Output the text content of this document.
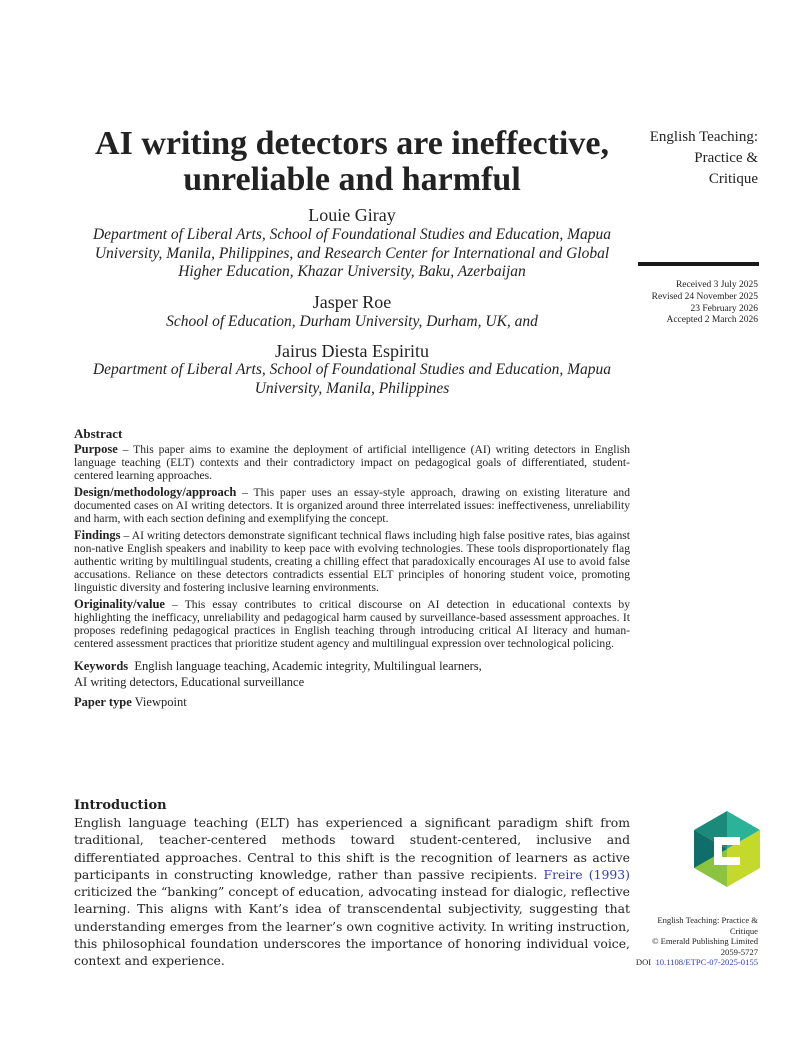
AI writing detectors are ineffective, unreliable and harmful
Louie Giray
Department of Liberal Arts, School of Foundational Studies and Education, Mapua University, Manila, Philippines, and Research Center for International and Global Higher Education, Khazar University, Baku, Azerbaijan
Jasper Roe
School of Education, Durham University, Durham, UK, and
Jairus Diesta Espiritu
Department of Liberal Arts, School of Foundational Studies and Education, Mapua University, Manila, Philippines
English Teaching:
Practice &
Critique
Received 3 July 2025
Revised 24 November 2025
23 February 2026
Accepted 2 March 2026
Abstract
Purpose – This paper aims to examine the deployment of artificial intelligence (AI) writing detectors in English language teaching (ELT) contexts and their contradictory impact on pedagogical goals of differentiated, student-centered learning approaches.
Design/methodology/approach – This paper uses an essay-style approach, drawing on existing literature and documented cases on AI writing detectors. It is organized around three interrelated issues: ineffectiveness, unreliability and harm, with each section defining and exemplifying the concept.
Findings – AI writing detectors demonstrate significant technical flaws including high false positive rates, bias against non-native English speakers and inability to keep pace with evolving technologies. These tools disproportionately flag authentic writing by multilingual students, creating a chilling effect that paradoxically encourages AI use to avoid false accusations. Reliance on these detectors contradicts essential ELT principles of honoring student voice, promoting linguistic diversity and fostering inclusive learning environments.
Originality/value – This essay contributes to critical discourse on AI detection in educational contexts by highlighting the inefficacy, unreliability and pedagogical harm caused by surveillance-based assessment approaches. It proposes redefining pedagogical practices in English teaching through introducing critical AI literacy and human-centered assessment practices that prioritize student agency and multilingual expression over technological policing.
Keywords English language teaching, Academic integrity, Multilingual learners,
AI writing detectors, Educational surveillance
Paper type Viewpoint
Introduction
English language teaching (ELT) has experienced a significant paradigm shift from traditional, teacher-centered methods toward student-centered, inclusive and differentiated approaches. Central to this shift is the recognition of learners as active participants in constructing knowledge, rather than passive recipients. Freire (1993) criticized the “banking” concept of education, advocating instead for dialogic, reflective learning. This aligns with Kant’s idea of transcendental subjectivity, suggesting that understanding emerges from the learner’s own cognitive activity. In writing instruction, this philosophical foundation underscores the importance of honoring individual voice, context and experience.
English Teaching: Practice &
Critique
© Emerald Publishing Limited
2059-5727
DOI 10.1108/ETPC-07-2025-0155
